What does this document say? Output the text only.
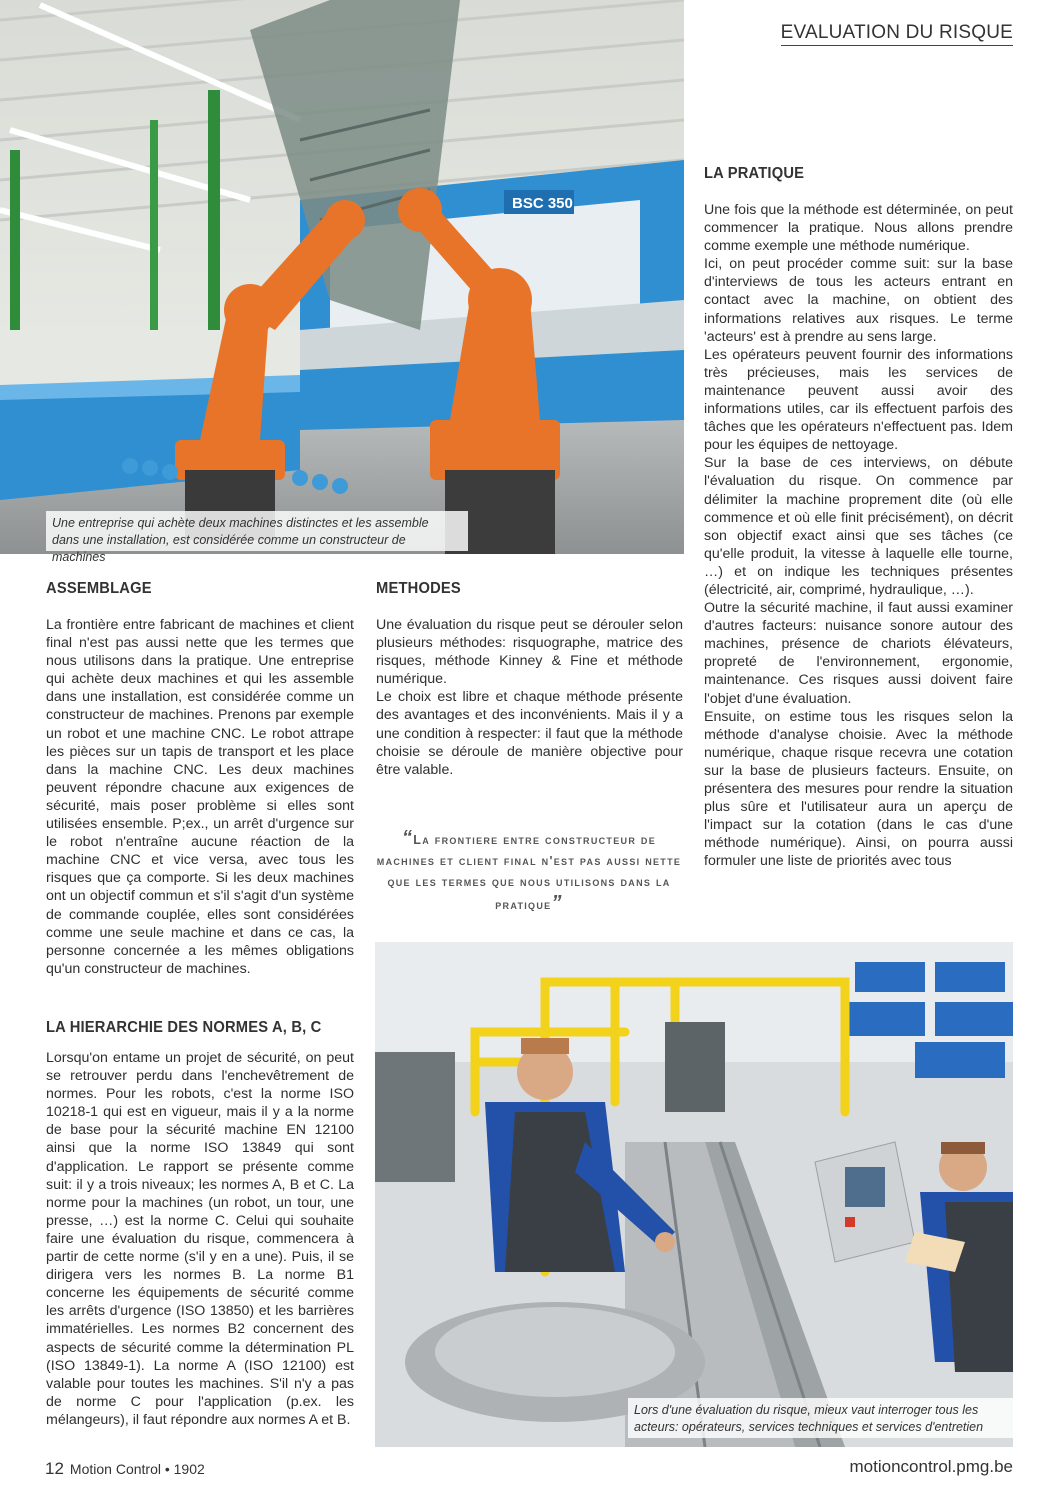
EVALUATION DU RISQUE
BSC 350
Une entreprise qui achète deux machines distinctes et les assemble
dans une installation, est considérée comme un constructeur de machines
ASSEMBLAGE

La frontière entre fabricant de machines et client final n'est pas aussi nette que les termes que nous utilisons dans la pratique. Une entreprise qui achète deux machines et qui les assemble dans une installation, est considérée comme un constructeur de machines. Prenons par exemple un robot et une machine CNC. Le robot attrape les pièces sur un tapis de transport et les place dans la machine CNC. Les deux machines peuvent répondre chacune aux exigences de sécurité, mais poser problème si elles sont utilisées ensemble. P;ex., un arrêt d'urgence sur le robot n'entraîne aucune réaction de la machine CNC et vice versa, avec tous les risques que ça comporte. Si les deux machines ont un objectif commun et s'il s'agit d'un système de commande couplée, elles sont considérées comme une seule machine et dans ce cas, la personne concernée a les mêmes obligations qu'un constructeur de machines.

LA HIERARCHIE DES NORMES A, B, C

Lorsqu'on entame un projet de sécurité, on peut se retrouver perdu dans l'enchevêtrement de normes. Pour les robots, c'est la norme ISO 10218-1 qui est en vigueur, mais il y a la norme de base pour la sécurité machine EN 12100 ainsi que la norme ISO 13849 qui sont d'application. Le rapport se présente comme suit: il y a trois niveaux; les normes A, B et C. La norme pour la machines (un robot, un tour, une presse, …) est la norme C. Celui qui souhaite faire une évaluation du risque, commencera à partir de cette norme (s'il y en a une). Puis, il se dirigera vers les normes B. La norme B1 concerne les équipements de sécurité comme les arrêts d'urgence (ISO 13850) et les barrières immatérielles. Les normes B2 concernent des aspects de sécurité comme la détermination PL (ISO 13849-1). La norme A (ISO 12100) est valable pour toutes les machines. S'il n'y a pas de norme C pour l'application (p.ex. les mélangeurs), il faut répondre aux normes A et B.

METHODES

Une évaluation du risque peut se dérouler selon plusieurs méthodes: risquographe, matrice des risques, méthode Kinney & Fine et méthode numérique.

Le choix est libre et chaque méthode présente des avantages et des inconvénients. Mais il y a une condition à respecter: il faut que la méthode choisie se déroule de manière objective pour être valable.

“La frontiere entre constructeur de machines et client final n'est pas aussi nette que les termes que nous utilisons dans la pratique”
LA PRATIQUE

Une fois que la méthode est déterminée, on peut commencer la pratique. Nous allons prendre comme exemple une méthode numérique.

Ici, on peut procéder comme suit: sur la base d'interviews de tous les acteurs entrant en contact avec la machine, on obtient des informations relatives aux risques. Le terme 'acteurs' est à prendre au sens large.

Les opérateurs peuvent fournir des informations très précieuses, mais les services de maintenance peuvent aussi avoir des informations utiles, car ils effectuent parfois des tâches que les opérateurs n'effectuent pas. Idem pour les équipes de nettoyage.

Sur la base de ces interviews, on débute l'évaluation du risque. On commence par délimiter la machine proprement dite (où elle commence et où elle finit précisément), on décrit son objectif exact ainsi que ses tâches (ce qu'elle produit, la vitesse à laquelle elle tourne, …) et on indique les techniques présentes (électricité, air, comprimé, hydraulique, …).

Outre la sécurité machine, il faut aussi examiner d'autres facteurs: nuisance sonore autour des machines, présence de chariots élévateurs, propreté de l'environnement, ergonomie, maintenance. Ces risques aussi doivent faire l'objet d'une évaluation.

Ensuite, on estime tous les risques selon la méthode d'analyse choisie. Avec la méthode numérique, chaque risque recevra une cotation sur la base de plusieurs facteurs. Ensuite, on présentera des mesures pour rendre la situation plus sûre et l'utilisateur aura un aperçu de l'impact sur la cotation (dans le cas d'une méthode numérique). Ainsi, on pourra aussi formuler une liste de priorités avec tous

Lors d'une évaluation du risque, mieux vaut interroger tous les
acteurs: opérateurs, services techniques et services d'entretien
12 Motion Control • 1902	motioncontrol.pmg.be
